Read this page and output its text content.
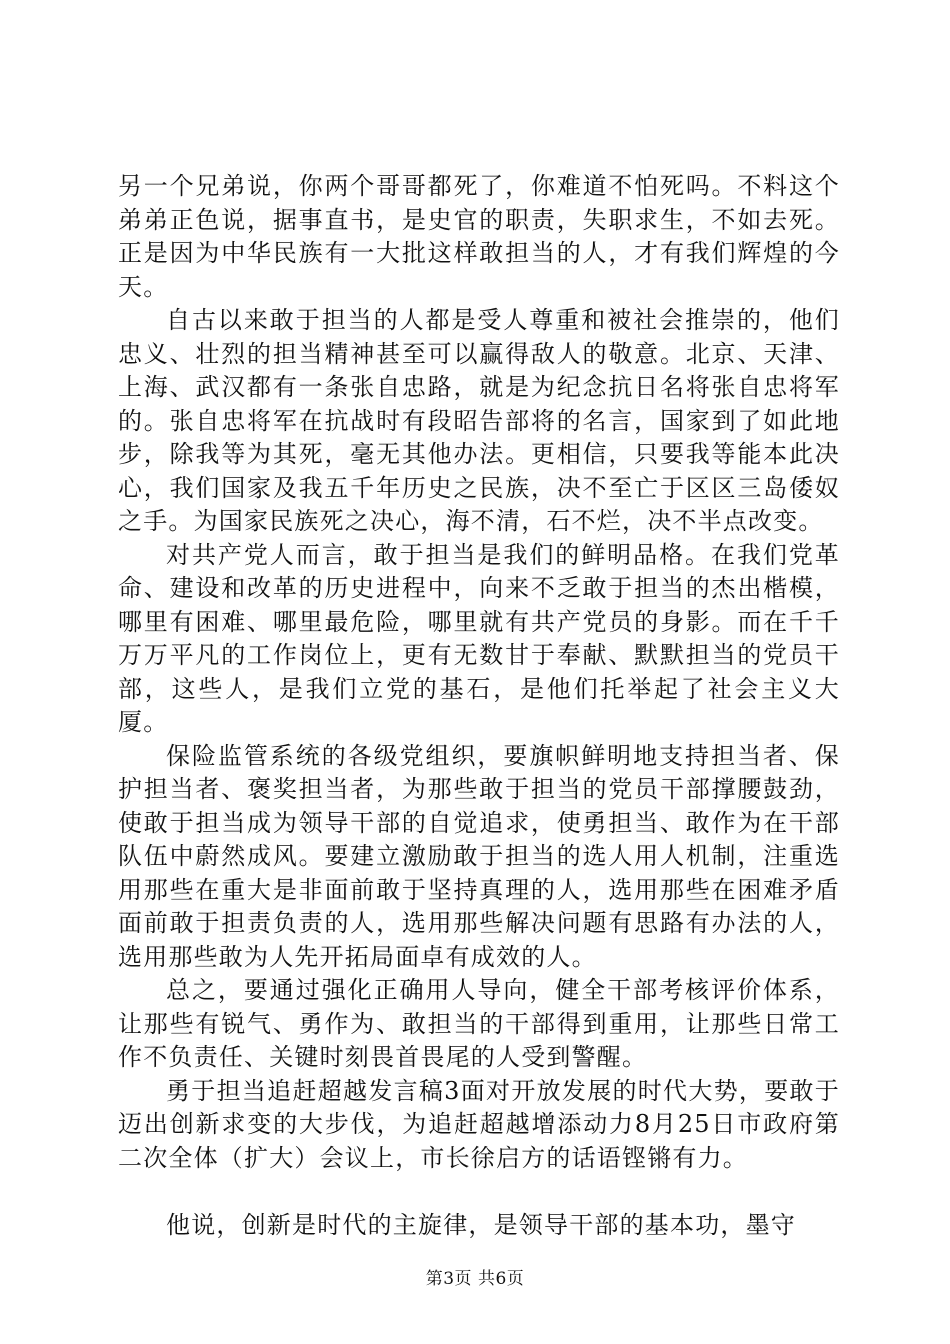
另一个兄弟说，你两个哥哥都死了，你难道不怕死吗。不料这个弟弟正色说，据事直书，是史官的职责，失职求生，不如去死。正是因为中华民族有一大批这样敢担当的人，才有我们辉煌的今天。

自古以来敢于担当的人都是受人尊重和被社会推崇的，他们忠义、壮烈的担当精神甚至可以赢得敌人的敬意。北京、天津、上海、武汉都有一条张自忠路，就是为纪念抗日名将张自忠将军的。张自忠将军在抗战时有段昭告部将的名言，国家到了如此地步，除我等为其死，毫无其他办法。更相信，只要我等能本此决心，我们国家及我五千年历史之民族，决不至亡于区区三岛倭奴之手。为国家民族死之决心，海不清，石不烂，决不半点改变。

对共产党人而言，敢于担当是我们的鲜明品格。在我们党革命、建设和改革的历史进程中，向来不乏敢于担当的杰出楷模，哪里有困难、哪里最危险，哪里就有共产党员的身影。而在千千万万平凡的工作岗位上，更有无数甘于奉献、默默担当的党员干部，这些人，是我们立党的基石，是他们托举起了社会主义大厦。

保险监管系统的各级党组织，要旗帜鲜明地支持担当者、保护担当者、褒奖担当者，为那些敢于担当的党员干部撑腰鼓劲，使敢于担当成为领导干部的自觉追求，使勇担当、敢作为在干部队伍中蔚然成风。要建立激励敢于担当的选人用人机制，注重选用那些在重大是非面前敢于坚持真理的人，选用那些在困难矛盾面前敢于担责负责的人，选用那些解决问题有思路有办法的人，选用那些敢为人先开拓局面卓有成效的人。

总之，要通过强化正确用人导向，健全干部考核评价体系，让那些有锐气、勇作为、敢担当的干部得到重用，让那些日常工作不负责任、关键时刻畏首畏尾的人受到警醒。

勇于担当追赶超越发言稿3面对开放发展的时代大势，要敢于迈出创新求变的大步伐，为追赶超越增添动力8月25日市政府第二次全体（扩大）会议上，市长徐启方的话语铿锵有力。

他说，创新是时代的主旋律，是领导干部的基本功，墨守

第3页 共6页
